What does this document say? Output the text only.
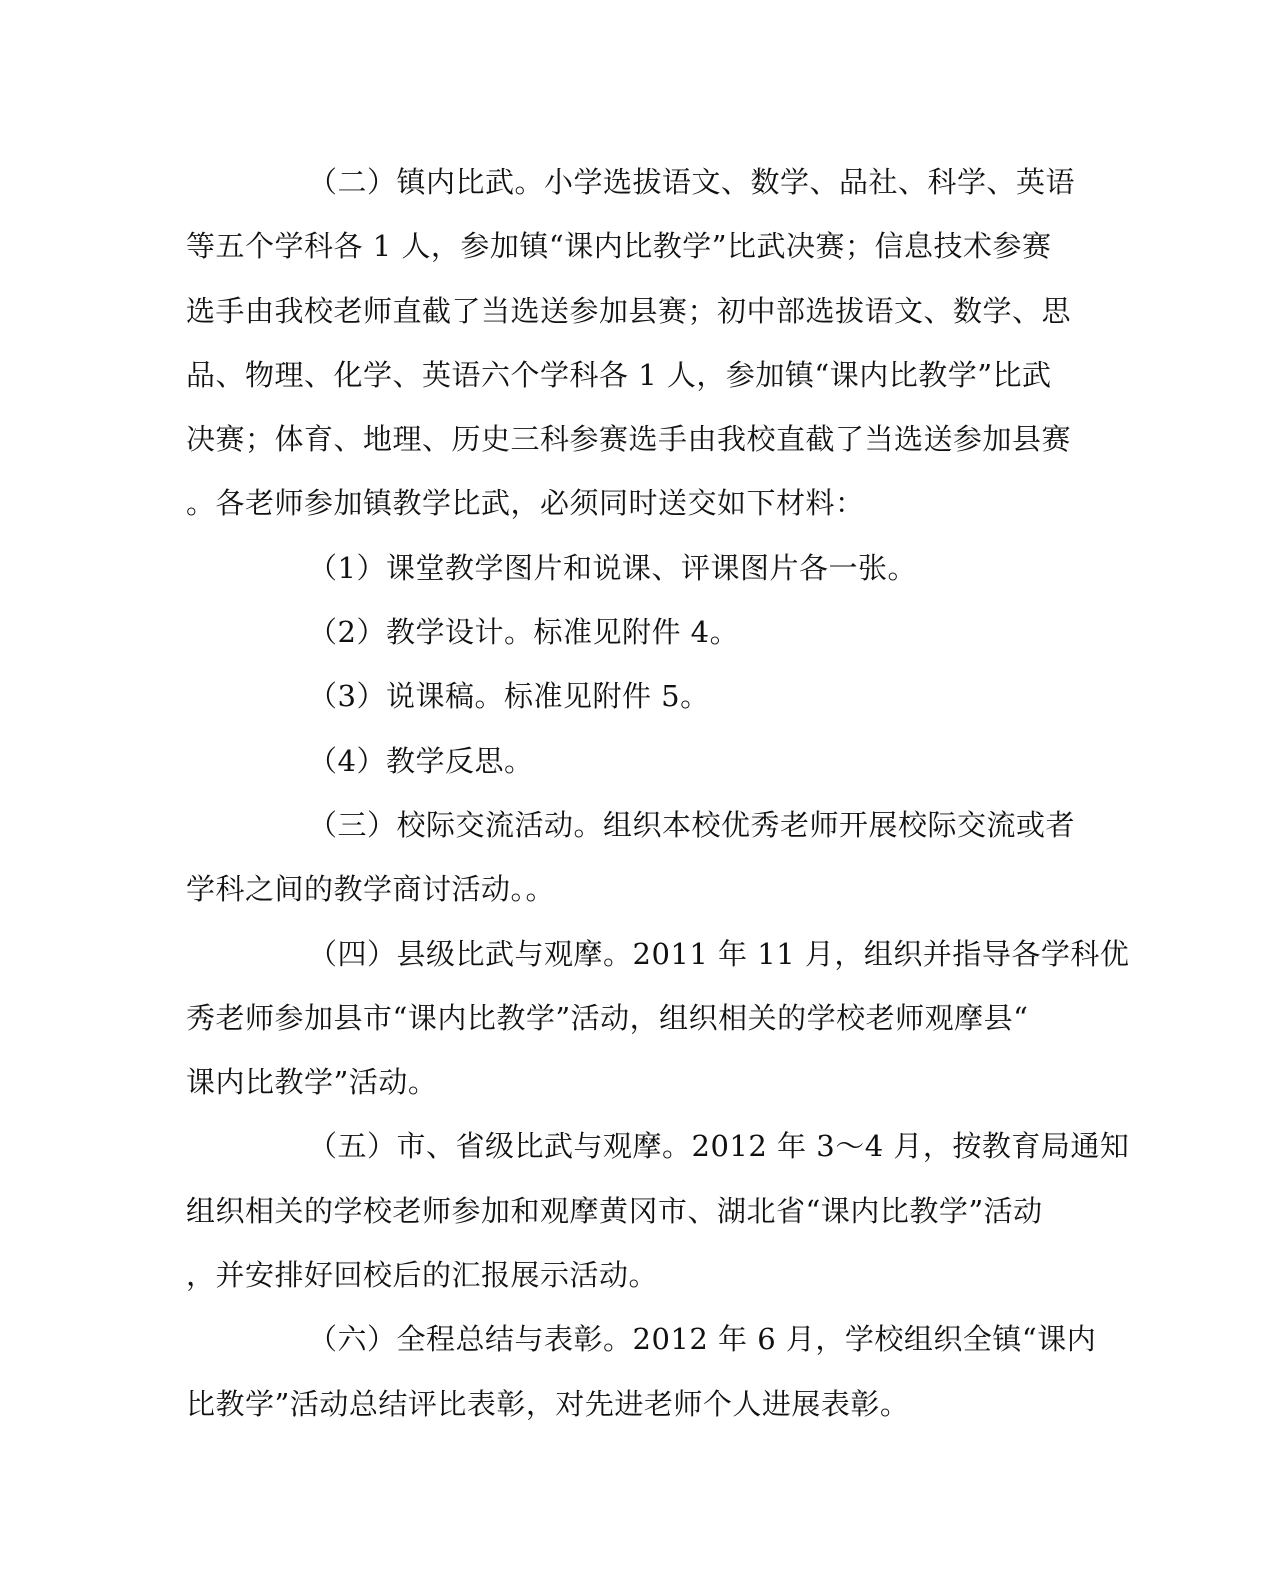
（二）镇内比武。小学选拔语文、数学、品社、科学、英语
等五个学科各 1 人，参加镇“课内比教学”比武决赛；信息技术参赛
选手由我校老师直截了当选送参加县赛；初中部选拔语文、数学、思
品、物理、化学、英语六个学科各 1 人，参加镇“课内比教学”比武
决赛；体育、地理、历史三科参赛选手由我校直截了当选送参加县赛
。各老师参加镇教学比武，必须同时送交如下材料：
（1）课堂教学图片和说课、评课图片各一张。
（2）教学设计。标准见附件 4。
（3）说课稿。标准见附件 5。
（4）教学反思。
（三）校际交流活动。组织本校优秀老师开展校际交流或者
学科之间的教学商讨活动。。
（四）县级比武与观摩。2011 年 11 月，组织并指导各学科优
秀老师参加县市“课内比教学”活动，组织相关的学校老师观摩县“
课内比教学”活动。
（五）市、省级比武与观摩。2012 年 3～4 月，按教育局通知
组织相关的学校老师参加和观摩黄冈市、湖北省“课内比教学”活动
，并安排好回校后的汇报展示活动。
（六）全程总结与表彰。2012 年 6 月，学校组织全镇“课内
比教学”活动总结评比表彰，对先进老师个人进展表彰。
